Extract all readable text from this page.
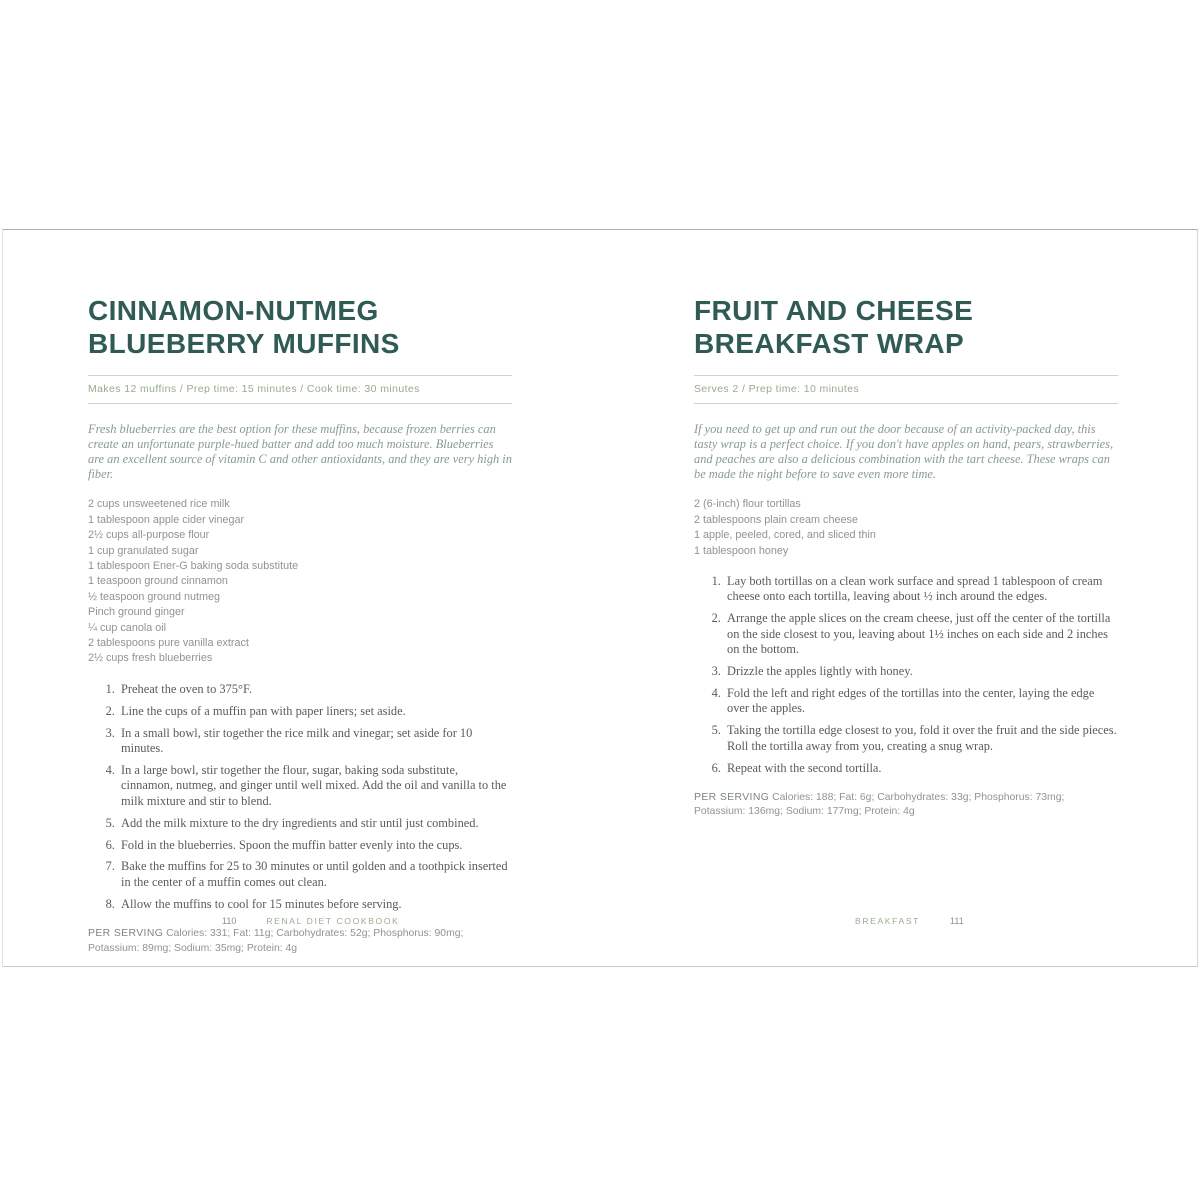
CINNAMON-NUTMEG
BLUEBERRY MUFFINS
Makes 12 muffins / Prep time: 15 minutes / Cook time: 30 minutes
Fresh blueberries are the best option for these muffins, because frozen berries can create an unfortunate purple-hued batter and add too much moisture. Blueberries are an excellent source of vitamin C and other antioxidants, and they are very high in fiber.
2 cups unsweetened rice milk
1 tablespoon apple cider vinegar
2½ cups all-purpose flour
1 cup granulated sugar
1 tablespoon Ener-G baking soda substitute
1 teaspoon ground cinnamon
½ teaspoon ground nutmeg
Pinch ground ginger
¼ cup canola oil
2 tablespoons pure vanilla extract
2½ cups fresh blueberries
1. Preheat the oven to 375°F.
2. Line the cups of a muffin pan with paper liners; set aside.
3. In a small bowl, stir together the rice milk and vinegar; set aside for 10 minutes.
4. In a large bowl, stir together the flour, sugar, baking soda substitute, cinnamon, nutmeg, and ginger until well mixed. Add the oil and vanilla to the milk mixture and stir to blend.
5. Add the milk mixture to the dry ingredients and stir until just combined.
6. Fold in the blueberries. Spoon the muffin batter evenly into the cups.
7. Bake the muffins for 25 to 30 minutes or until golden and a toothpick inserted in the center of a muffin comes out clean.
8. Allow the muffins to cool for 15 minutes before serving.
PER SERVING Calories: 331; Fat: 11g; Carbohydrates: 52g; Phosphorus: 90mg; Potassium: 89mg; Sodium: 35mg; Protein: 4g
FRUIT AND CHEESE
BREAKFAST WRAP
Serves 2 / Prep time: 10 minutes
If you need to get up and run out the door because of an activity-packed day, this tasty wrap is a perfect choice. If you don't have apples on hand, pears, strawberries, and peaches are also a delicious combination with the tart cheese. These wraps can be made the night before to save even more time.
2 (6-inch) flour tortillas
2 tablespoons plain cream cheese
1 apple, peeled, cored, and sliced thin
1 tablespoon honey
1. Lay both tortillas on a clean work surface and spread 1 tablespoon of cream cheese onto each tortilla, leaving about ½ inch around the edges.
2. Arrange the apple slices on the cream cheese, just off the center of the tortilla on the side closest to you, leaving about 1½ inches on each side and 2 inches on the bottom.
3. Drizzle the apples lightly with honey.
4. Fold the left and right edges of the tortillas into the center, laying the edge over the apples.
5. Taking the tortilla edge closest to you, fold it over the fruit and the side pieces. Roll the tortilla away from you, creating a snug wrap.
6. Repeat with the second tortilla.
PER SERVING Calories: 188; Fat: 6g; Carbohydrates: 33g; Phosphorus: 73mg; Potassium: 136mg; Sodium: 177mg; Protein: 4g
110	RENAL DIET COOKBOOK	BREAKFAST	111
